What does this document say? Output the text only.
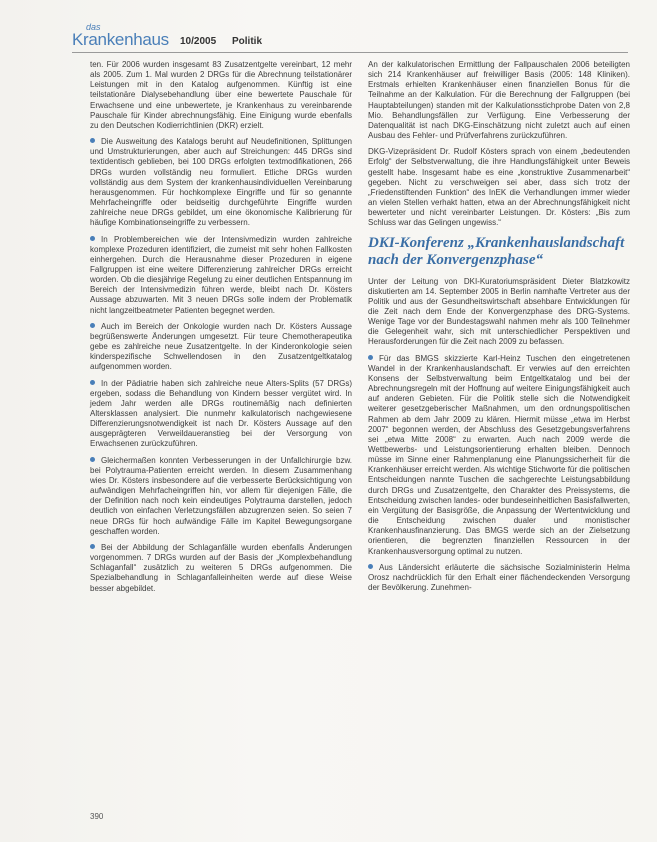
das
Krankenhaus 10/2005 Politik

ten. Für 2006 wurden insgesamt 83 Zusatzentgelte vereinbart, 12 mehr als 2005. Zum 1. Mal wurden 2 DRGs für die Abrechnung teilstationärer Leistungen mit in den Katalog aufgenommen. Künftig ist eine teilstationäre Dialysebehandlung über eine bewertete Pauschale für Erwachsene und eine unbewertete, je Krankenhaus zu vereinbarende Pauschale für Kinder abrechnungsfähig. Eine Einigung wurde ebenfalls zu den Deutschen Kodierrichtlinien (DKR) erzielt.

Die Ausweitung des Katalogs beruht auf Neudefinitionen, Splittungen und Umstrukturierungen, aber auch auf Streichungen: 445 DRGs sind textidentisch geblieben, bei 100 DRGs erfolgten textmodifikationen, 266 DRGs wurden vollständig neu formuliert. Etliche DRGs wurden vollständig aus dem System der krankenhausindividuellen Vereinbarung herausgenommen. Für hochkomplexe Eingriffe und für so genannte Mehrfacheingriffe oder beidseitig durchgeführte Eingriffe wurden zahlreiche neue DRGs gebildet, um eine ökonomische Kalibrierung für häufige Kombinationseingriffe zu verbessern.

In Problembereichen wie der Intensivmedizin wurden zahlreiche komplexe Prozeduren identifiziert, die zumeist mit sehr hohen Fallkosten einhergehen. Durch die Herausnahme dieser Prozeduren in eigene Fallgruppen ist eine weitere Differenzierung zahlreicher DRGs erreicht worden. Ob die diesjährige Regelung zu einer deutlichen Entspannung im Bereich der Intensivmedizin führen werde, bleibt nach Dr. Kösters Aussage abzuwarten. Mit 3 neuen DRGs solle indem der Problematik nicht langzeitbeatmeter Patienten begegnet werden.

Auch im Bereich der Onkologie wurden nach Dr. Kösters Aussage begrüßenswerte Änderungen umgesetzt. Für teure Chemotherapeutika gebe es zahlreiche neue Zusatzentgelte. In der Kinderonkologie seien kinderspezifische Schwellendosen in den Zusatzentgeltkatalog aufgenommen worden.

In der Pädiatrie haben sich zahlreiche neue Alters-Splits (57 DRGs) ergeben, sodass die Behandlung von Kindern besser vergütet wird. In jedem Jahr werden alle DRGs routinemäßig nach definierten Altersklassen analysiert. Die nunmehr kalkulatorisch nachgewiesene Differenzierungsnotwendigkeit ist nach Dr. Kösters Aussage auf den ausgeprägteren Verweildaueranstieg bei der Versorgung von Erwachsenen zurückzuführen.

Gleichermaßen konnten Verbesserungen in der Unfallchirurgie bzw. bei Polytrauma-Patienten erreicht werden. In diesem Zusammenhang wies Dr. Kösters insbesondere auf die verbesserte Berücksichtigung von aufwändigen Mehrfacheingriffen hin, vor allem für diejenigen Fälle, die der Definition nach noch kein eindeutiges Polytrauma darstellen, jedoch deutlich von einfachen Verletzungsfällen abzugrenzen seien. So seien 7 neue DRGs für hoch aufwändige Fälle im Kapitel Bewegungsorgane geschaffen worden.

Bei der Abbildung der Schlaganfälle wurden ebenfalls Änderungen vorgenommen. 7 DRGs wurden auf der Basis der „Komplexbehandlung Schlaganfall“ zusätzlich zu weiteren 5 DRGs aufgenommen. Die Spezialbehandlung in Schlaganfalleinheiten werde auf diese Weise besser abgebildet.

An der kalkulatorischen Ermittlung der Fallpauschalen 2006 beteiligten sich 214 Krankenhäuser auf freiwilliger Basis (2005: 148 Kliniken). Erstmals erhielten Krankenhäuser einen finanziellen Bonus für die Teilnahme an der Kalkulation. Für die Berechnung der Fallgruppen (bei Hauptabteilungen) standen mit der Kalkulationsstichprobe Daten von 2,8 Mio. Behandlungsfällen zur Verfügung. Eine Verbesserung der Datenqualität ist nach DKG-Einschätzung nicht zuletzt auch auf einen Ausbau des Fehler- und Prüfverfahrens zurückzuführen.

DKG-Vizepräsident Dr. Rudolf Kösters sprach von einem „bedeutenden Erfolg“ der Selbstverwaltung, die ihre Handlungsfähigkeit unter Beweis gestellt habe. Insgesamt habe es eine „konstruktive Zusammenarbeit“ gegeben. Nicht zu verschweigen sei aber, dass sich trotz der „Friedenstiftenden Funktion“ des InEK die Verhandlungen immer wieder an vielen Stellen verhakt hatten, etwa an der Abrechnungsfähigkeit nicht bewerteter und nicht vereinbarter Leistungen. Dr. Kösters: „Bis zum Schluss war das Gelingen ungewiss.“

DKI-Konferenz „Krankenhauslandschaft nach der Konvergenzphase“

Unter der Leitung von DKI-Kuratoriumspräsident Dieter Blatzkowitz diskutierten am 14. September 2005 in Berlin namhafte Vertreter aus der Politik und aus der Gesundheitswirtschaft absehbare Entwicklungen für die Zeit nach dem Ende der Konvergenzphase des DRG-Systems. Wenige Tage vor der Bundestagswahl nahmen mehr als 100 Teilnehmer die Gelegenheit wahr, sich mit unterschiedlicher Perspektiven und Herausforderungen für die Zeit nach 2009 zu befassen.

Für das BMGS skizzierte Karl-Heinz Tuschen den eingetretenen Wandel in der Krankenhauslandschaft. Er verwies auf den erreichten Konsens der Selbstverwaltung beim Entgeltkatalog und bei der Abrechnungsregeln mit der Hoffnung auf weitere Einigungsfähigkeit auch auf anderen Gebieten. Für die Politik stelle sich die Notwendigkeit weiterer gesetzgeberischer Maßnahmen, um den ordnungspolitischen Rahmen ab dem Jahr 2009 zu klären. Hiermit müsse „etwa im Herbst 2007“ begonnen werden, der Abschluss des Gesetzgebungsverfahrens sei „etwa Mitte 2008“ zu erwarten. Auch nach 2009 werde die Wettbewerbs- und Leistungsorientierung erhalten bleiben. Dennoch müsse im Sinne einer Rahmenplanung eine Planungssicherheit für die Krankenhäuser erreicht werden. Als wichtige Stichworte für die politischen Entscheidungen nannte Tuschen die sachgerechte Leistungsabbildung durch DRGs und Zusatzentgelte, den Charakter des Preissystems, die Entscheidung zwischen landes- oder bundeseinheitlichen Basisfallwerten, ein Vergütung der Basisgröße, die Anpassung der Wertentwicklung und die Entscheidung zwischen dualer und monistischer Krankenhausfinanzierung. Das BMGS werde sich an der Zielsetzung orientieren, die begrenzten finanziellen Ressourcen in der Krankenhausversorgung optimal zu nutzen.

Aus Ländersicht erläuterte die sächsische Sozialministerin Helma Orosz nachdrücklich für den Erhalt einer flächendeckenden Versorgung der Bevölkerung. Zunehmen-

390
